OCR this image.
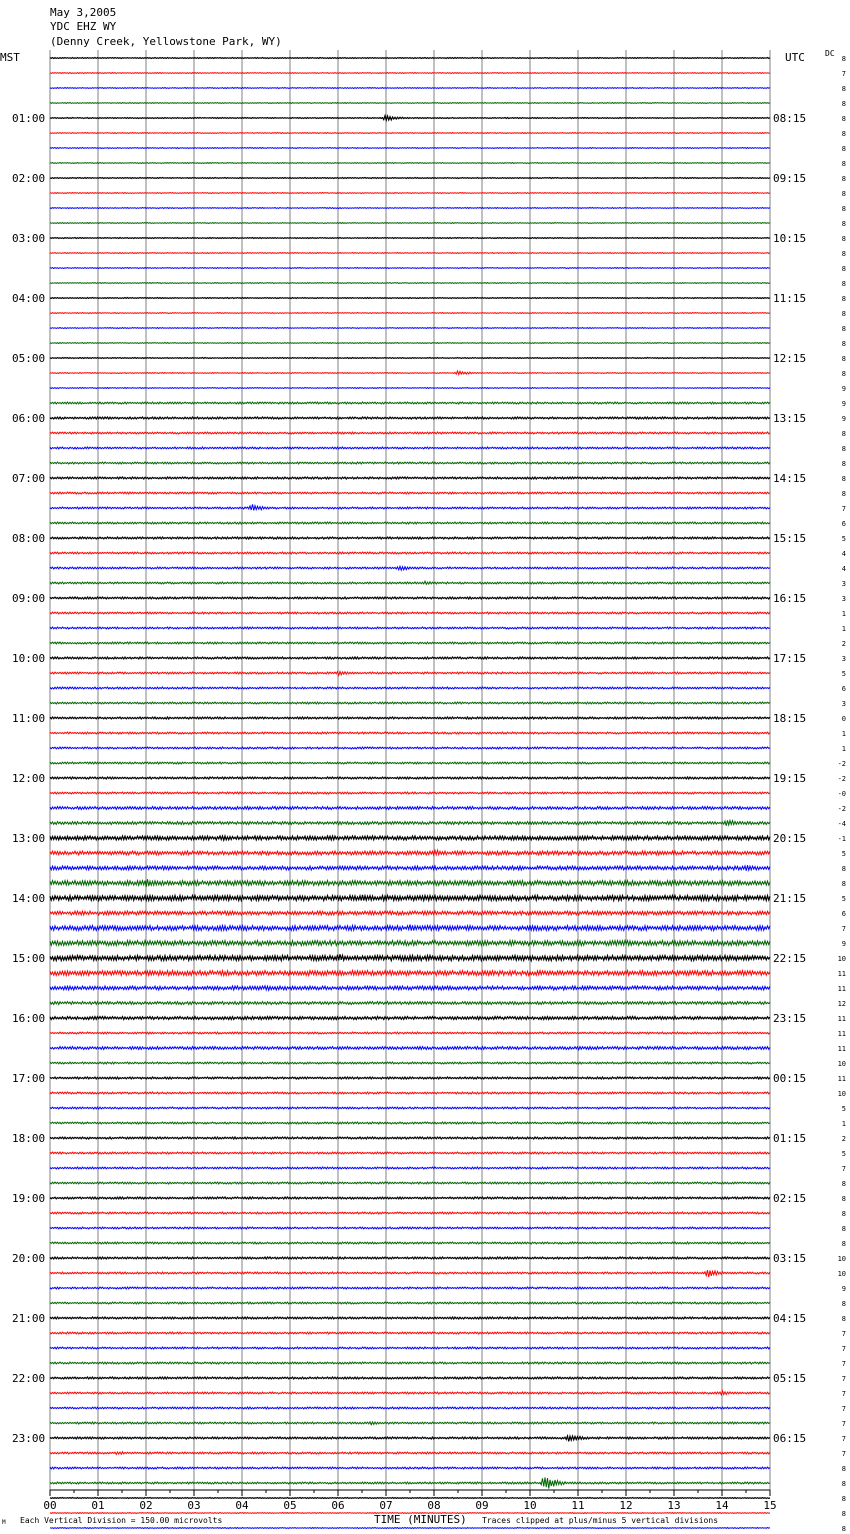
May 3,2005
YDC EHZ WY
(Denny Creek, Yellowstone Park, WY)
MST	UTC	DC
01:00
02:00
03:00
04:00
05:00
06:00
07:00
08:00
09:00
10:00
11:00
12:00
13:00
14:00
15:00
16:00
17:00
18:00
19:00
20:00
21:00
22:00
23:00
08:15
09:15
10:15
11:15
12:15
13:15
14:15
15:15
16:15
17:15
18:15
19:15
20:15
21:15
22:15
23:15
00:15
01:15
02:15
03:15
04:15
05:15
06:15
8
7
8
8
8
8
8
8
8
8
8
8
8
8
8
8
8
8
8
8
8
8
9
9
9
8
8
8
8
8
7
6
5
4
4
3
3
1
1
2
3
5
6
3
0
1
1
-2
-2
-0
-2
-4
-1
5
8
8
5
6
7
9
10
11
11
12
11
11
11
10
11
10
5
1
2
5
7
8
8
8
8
8
10
10
9
8
8
7
7
7
7
7
7
7
7
7
8
8
8
8
8
00	01	02	03	04	05	06	07	08	09	10	11	12	13	14	15
M Each Vertical Division = 150.00 microvolts	TIME (MINUTES) Traces clipped at plus/minus 5 vertical divisions
